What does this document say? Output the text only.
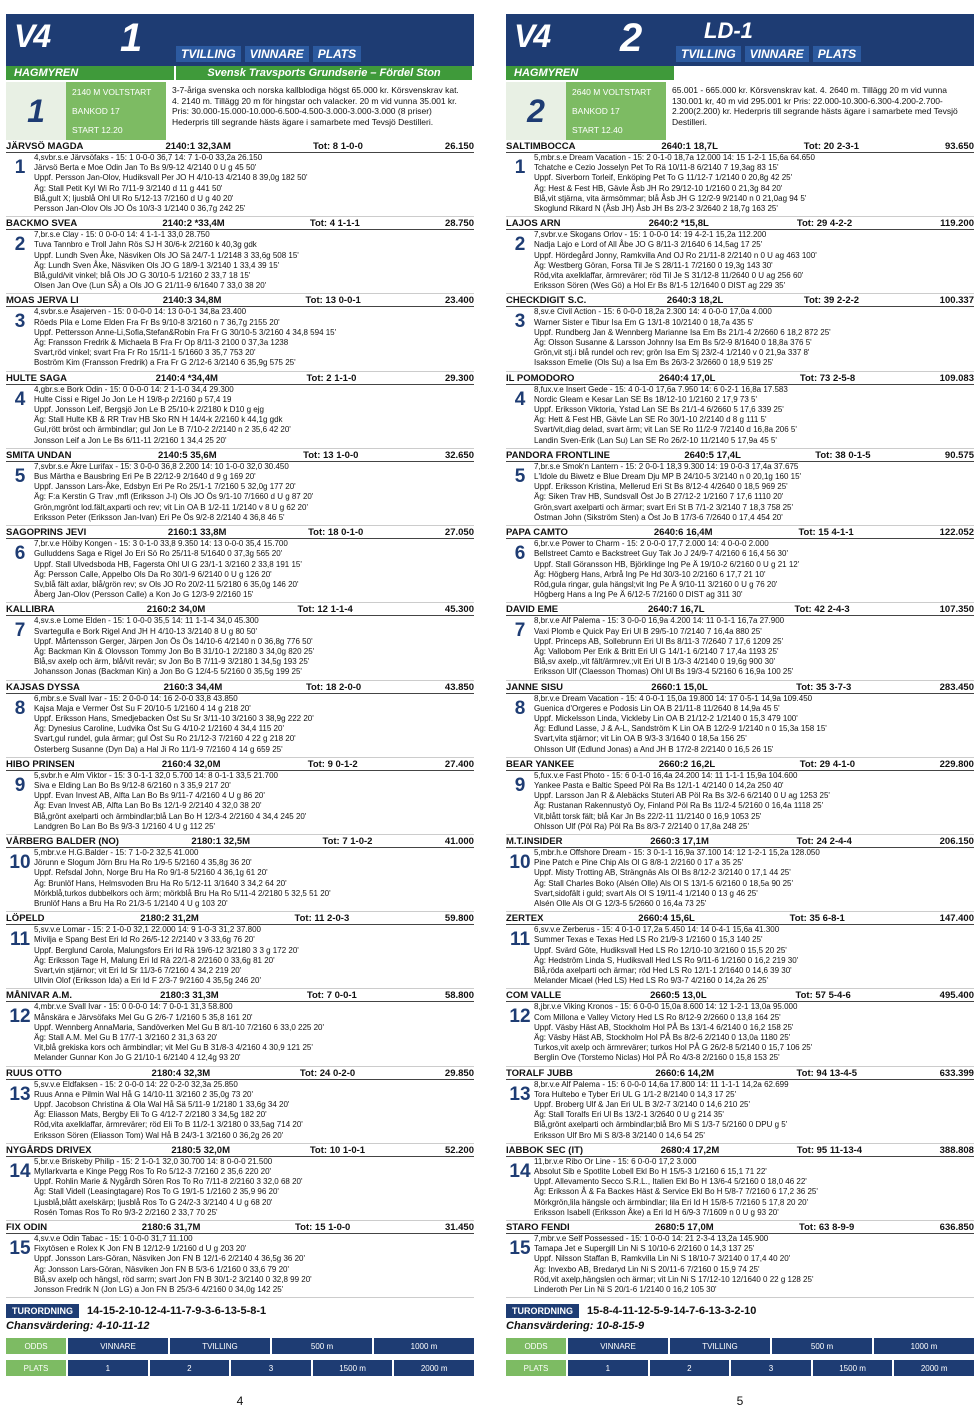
V4 1	TVILLING	VINNARE	PLATS
HAGMYREN	Svensk Travsports Grundserie – Fördel Ston
1
2140 M VOLTSTART
BANKOD 17
START 12.20
3-7-åriga svenska och norska kallblodiga högst 65.000 kr. Körsvenskrav kat. 4. 2140 m. Tillägg 20 m för hingstar och valacker. 20 m vid vunna 35.001 kr. Pris: 30.000-15.000-10.000-6.500-4.500-3.000-3.000-3.000 (8 priser) Hederpris till segrande hästs ägare i samarbete med Tevsjö Destilleri.
JÄRVSÖ MAGDA	2140:1 32,3AM	Tot: 8 1-0-0	26.150
1	4,svbr.s.e Järvsöfaks - 15: 1 0-0-0 36,7 14: 7 1-0-0 33,2a 26.150
Järvsö Berta e Moe Odin Jan To Bs 9/9-12 4/2140 0 U g 45 50'
Uppf. Persson Jan-Olov, Hudiksvall Per JO H 4/10-13 4/2140 8 39,0g 182 50'
Äg: Stall Petit Kyl Wi Ro 7/11-9 3/2140 d 11 g 441 50'
Blå,gult X; ljusblå Ohl Ul Ro 5/12-13 7/2160 d U g 40 20'
Persson Jan-Olov Ols JO Ös 10/3-3 1/2140 0 36,7g 242 25'
BACKMO SVEA	2140:2 *33,4M	Tot: 4 1-1-1	28.750
2	7,br.s.e Clay - 15: 0 0-0-0 14: 4 1-1-1 33,0 28.750
Tuva Tannbro e Troll Jahn Rös SJ H 30/6-k 2/2160 k 40,3g gdk
Uppf. Lundh Sven Åke, Näsviken Ols JO Sä 24/7-1 1/2148 3 33,6g 508 15'
Äg: Lundh Sven Åke, Näsviken Ols JO G 18/9-1 3/2140 1 33,4 39 15'
Blå,guld/vit vinkel; blå Ols JO G 30/10-5 1/2160 2 33,7 18 15'
Olsen Jan Ove (Lun SÅ) a Ols JO G 21/11-9 6/1640 7 33,0 38 20'
MOAS JERVA LI	2140:3 34,8M	Tot: 13 0-0-1	23.400
3	4,svbr.s.e Åsajerven - 15: 0 0-0-0 14: 13 0-0-1 34,8a 23.400
Röeds Pila e Lome Elden Fra Fr Bs 9/10-8 3/2160 n 7 36,7g 2155 20'
Uppf. Pettersson Anne-Li,Sofia,Stefan&Robin Fra Fr G 30/10-5 3/2160 4 34,8 594 15'
Äg: Fransson Fredrik & Michaela B Fra Fr Op 8/11-3 2100 0 37,3a 1238
Svart,röd vinkel; svart Fra Fr Ro 15/11-1 5/1660 3 35,7 753 20'
Boström Kim (Fransson Fredrik) a Fra Fr G 2/12-6 3/2140 6 35,9g 575 25'
HULTE SAGA	2140:4 *34,4M	Tot: 2 1-1-0	29.300
4	4,gbr.s.e Bork Odin - 15: 0 0-0-0 14: 2 1-1-0 34,4 29.300
Hulte Cissi e Rigel Jo Jon Le H 19/8-p 2/2160 p 57,4 19
Uppf. Jonsson Leif, Bergsjö Jon Le B 25/10-k 2/2180 k D10 g ejg
Äg: Stall Hulte KB & RR Trav HB Sko RN H 14/4-k 2/2160 k 44,1g gdk
Gul,rött bröst och ärmbindlar; gul Jon Le B 7/10-2 2/2140 n 2 35,6 42 20'
Jonsson Leif a Jon Le Bs 6/11-11 2/2160 1 34,4 25 20'
SMITA UNDAN	2140:5 35,6M	Tot: 13 1-0-0	32.650
5	7,svbr.s.e Åkre Lurifax - 15: 3 0-0-0 36,8 2.200 14: 10 1-0-0 32,0 30.450
Bus Märtha e Bausbring Eri Pe B 22/12-9 2/1640 d 9 g 169 20'
Uppf. Jansson Lars-Åke, Edsbyn Eri Pe Ro 25/1-1 7/2160 5 32,0g 177 20'
Äg: F:a Kerstin G Trav ,mfl (Eriksson J-I) Ols JO Ös 9/1-10 7/1660 d U g 87 20'
Grön,mgrönt lod.fält,axparti och rev; vit Lin OA B 1/2-11 1/2140 v 8 U g 62 20'
Eriksson Peter (Eriksson Jan-Ivan) Eri Pe Ös 9/2-8 2/2140 4 36,8 46 5'
SAGOPRINS JEVI	2160:1 33,8M	Tot: 18 0-1-0	27.050
6	7,br.v.e Höiby Kongen - 15: 3 0-1-0 33,8 9.350 14: 13 0-0-0 35,4 15.700
Gulluddens Saga e Rigel Jo Eri Sö Ro 25/11-8 5/1640 0 37,3g 565 20'
Uppf. Stall Ulvedsboda HB, Fagersta Ohl Ul G 23/1-1 3/2160 2 33,8 191 15'
Äg: Persson Calle, Appelbo Ols Da Ro 30/1-9 6/2140 0 U g 126 20'
Sv,blå fält axlar, blå/grön rev; sv Ols JO Ro 20/2-11 5/2180 6 35,0g 146 20'
Åberg Jan-Olov (Persson Calle) a Kon Jo G 12/3-9 2/2160 15'
KALLIBRA	2160:2 34,0M	Tot: 12 1-1-4	45.300
7	4,sv.s.e Lome Elden - 15: 1 0-0-0 35,5 14: 11 1-1-4 34,0 45.300
Svartegulla e Bork Rigel And JH H 4/10-13 3/2140 8 U g 80 50'
Uppf. Mårtensson Gerger, Järpen Jon Ös Ös 14/10-6 4/2140 n 0 36,8g 776 50'
Äg: Backman Kin & Olovsson Tommy Jon Bo B 31/10-1 2/2180 3 34,0g 820 25'
Blå,sv axelp och ärm, blå/vit revär; sv Jon Bo B 7/11-9 3/2180 1 34,5g 193 25'
Johansson Jonas (Backman Kin) a Jon Bo G 12/4-5 5/2160 0 35,5g 199 25'
KAJSAS DYSSA	2160:3 34,4M	Tot: 18 2-0-0	43.850
8	6,mbr.s.e Svall Ivar - 15: 2 0-0-0 14: 16 2-0-0 33,8 43.850
Kajsa Maja e Vermer Öst Su F 20/10-5 1/2160 4 14 g 218 20'
Uppf. Eriksson Hans, Smedjebacken Öst Su Sr 3/11-10 3/2160 3 38,9g 222 20'
Äg: Dynesius Caroline, Ludvika Öst Su G 4/10-2 1/2160 4 34,4 115 20'
Svart,gul rundel, gula ärmar; gul Öst Su Ro 21/12-3 7/2160 4 22 g 218 20'
Österberg Susanne (Dyn Da) a Hal Ji Ro 11/1-9 7/2160 4 14 g 659 25'
HIBO PRINSEN	2160:4 32,0M	Tot: 9 0-1-2	27.400
9	5,svbr.h e Alm Viktor - 15: 3 0-1-1 32,0 5.700 14: 8 0-1-1 33,5 21.700
Siva e Elding Lan Bo Bs 9/12-8 6/2160 n 3 35,9 217 20'
Uppf. Evan Invest AB, Alfta Lan Bo Bs 9/11-7 4/2160 4 U g 86 20'
Äg: Evan Invest AB, Alfta Lan Bo Bs 12/1-9 2/2140 4 32,0 38 20'
Blå,grönt axelparti och ärmbindlar;blå Lan Bo H 12/3-4 2/2160 4 34,4 245 20'
Landgren Bo Lan Bo Bs 9/3-3 1/2160 4 U g 112 25'
VÅRBERG BALDER (NO)	2180:1 32,5M	Tot: 7 1-0-2	41.000
10 5,mbr.v.e H.G.Balder - 15: 7 1-0-2 32,5 41.000
Jörunn e Slogum Jörn Bru Ha Ro 1/9-5 5/2160 4 35,8g 36 20'
Uppf. Refsdal John, Norge Bru Ha Ro 9/1-8 5/2160 4 36,1g 61 20'
Äg: Brunlöf Hans, Helmsvoden Bru Ha Ro 5/12-11 3/1640 3 34,2 64 20'
Mörkblå,turkos dubbelkors och ärm; mörkblå Bru Ha Ro 5/11-4 2/2180 5 32,5 51 20'
Brunlöf Hans a Bru Ha Ro 21/3-5 1/2140 4 U g 103 20'
LÖPELD	2180:2 31,2M	Tot: 11 2-0-3	59.800
11 5,sv.v.e Lomar - 15: 2 1-0-0 32,1 22.000 14: 9 1-0-3 31,2 37.800
Mivilja e Spang Best Eri Id Ro 26/5-12 2/2140 v 3 33,6g 76 20'
Uppf. Berglund Carola, Malungsfors Eri Id Rä 19/6-12 3/2180 3 3 g 172 20'
Äg: Eriksson Tage H, Malung Eri Id Rä 22/1-8 2/2160 0 33,6g 81 20'
Svart,vin stjärnor; vit Eri Id Sr 11/3-6 7/2160 4 34,2 219 20'
Ullvin Olof (Eriksson Ida) a Eri Id F 2/3-7 9/2160 4 35,5g 246 20'
MÅNIVAR A.M.	2180:3 31,3M	Tot: 7 0-0-1	58.800
12 4,mbr.v.e Svall Ivar - 15: 0 0-0-0 14: 7 0-0-1 31,3 58.800
Månskära e Järvsöfaks Mel Gu G 2/6-7 1/2160 5 35,8 161 20'
Uppf. Wennberg AnnaMaria, Sandöverken Mel Gu B 8/1-10 7/2160 6 33,0 225 20'
Äg: Stall A.M. Mel Gu B 17/7-1 3/2160 2 31,3 63 20'
Vit,blå grekiska kors och ärmbindlar; vit Mel Gu B 31/8-3 4/2160 4 30,9 121 25'
Melander Gunnar Kon Jo G 21/10-1 6/2140 4 12,4g 93 20'
RUUS OTTO	2180:4 32,3M	Tot: 24 0-2-0	29.850
13 5,sv.v.e Eldfaksen - 15: 2 0-0-0 14: 22 0-2-0 32,3a 25.850
Ruus Anna e Pilmin Wal Hå G 14/10-11 3/2160 2 35,0g 73 20'
Uppf. Jacobson Christina & Ola Wal Hå Sä 5/11-9 1/2180 1 33,6g 34 20'
Äg: Eliasson Mats, Bergby Eli To G 4/12-7 2/2180 3 34,5g 182 20'
Röd,vita axelklaffar, ärmrevärer; röd Eli To B 11/2-1 3/2180 0 33,5ag 714 20'
Eriksson Sören (Eliasson Tom) Wal Hå B 24/3-1 3/2160 0 36,2g 26 20'
NYGÅRDS DRIVEX	2180:5 32,0M	Tot: 10 1-0-1	52.200
14 5,br.v.e Briskeby Philip - 15: 2 1-0-1 32,0 30.700 14: 8 0-0-0 21.500
Myllarkvarta e Kinge Pegg Ros To Ro 5/12-3 7/2160 2 35,6 220 20'
Uppf. Rohlin Marie & Nygårdh Sören Ros To Ro 7/11-8 2/2160 3 32,0 68 20'
Äg: Stall Videll (Leasingtagare) Ros To G 19/1-5 1/2160 2 35,9 96 20'
Ljusblå,blått axelskärp; ljusblå Ros To G 24/2-3 3/2140 4 U g 68 20'
Rosén Tomas Ros To Ro 9/3-2 2/2160 2 33,7 70 25'
FIX ODIN	2180:6 31,7M	Tot: 15 1-0-0	31.450
15 4,sv.v.e Odin Tabac - 15: 1 0-0-0 31,7 11.100
Fixytösen e Rolex K Jon FN B 12/12-9 1/2160 d U g 203 20'
Uppf. Jonsson Lars-Göran, Näsviken Jon FN B 12/1-6 2/2140 4 36,5g 36 20'
Äg: Jonsson Lars-Göran, Näsviken Jon FN B 5/3-6 1/2160 0 33,6 79 20'
Blå,sv axelp och hängsl, röd sarrn; svart Jon FN B 30/1-2 3/2140 0 32,8 99 20'
Jonsson Fredrik N (Jon LG) a Jon FN B 25/3-6 4/2160 0 34,0g 142 25'
TURORDNING	14-15-2-10-12-4-11-7-9-3-6-13-5-8-1
Chansvärdering: 4-10-11-12
ODDS	VINNARE	TVILLING	500 m	1000 m
PLATS	1	2	3	1500 m	2000 m
4
V4 2	LD-1
TVILLING	VINNARE	PLATS
HAGMYREN
2
2640 M VOLTSTART
BANKOD 17
START 12.40
65.001 - 665.000 kr. Körsvenskrav kat. 4. 2640 m. Tillägg 20 m vid vunna 130.001 kr, 40 m vid 295.001 kr Pris: 22.000-10.300-6.300-4.200-2.700-2.200(2.200) kr. Hederpris till segrande hästs ägare i samarbete med Tevsjö Destilleri.
SALTIMBOCCA	2640:1 18,7L	Tot: 20 2-3-1	93.650
1	5,mbr.s.e Dream Vacation - 15: 2 0-1-0 18,7a 12.000 14: 15 1-2-1 15,6a 64.650
Tchatche e Cezio Josselyn Pet To Rä 10/11-8 6/2140 7 19,3ag 83 15'
Uppf. Siverborn Torleif, Enköping Pet To G 11/12-7 1/2140 0 20,8g 42 25'
Äg: Hest & Fest HB, Gävle Åsb JH Ro 29/12-10 1/2160 0 21,3g 84 20'
Blå,vit stjärna, vita ärmsömmar; blå Åsb JH G 12/2-9 9/2140 n 0 21,0ag 94 5'
Skoglund Rikard N (Åsb JH) Åsb JH Bs 2/3-2 3/2640 2 18,7g 163 25'
LAJOS ARN	2640:2 *15,8L	Tot: 29 4-2-2	119.200
2	7,svbr.v.e Skogans Orlov - 15: 1 0-0-0 14: 19 4-2-1 15,2a 112.200
Nadja Lajo e Lord of All Åbe JO G 8/11-3 2/1640 6 14,5ag 17 25'
Uppf. Hördegård Jonny, Ramkvilla And OJ Ro 21/11-8 2/2140 n 0 U ag 463 100'
Äg: Westberg Göran, Forsa Til Je S 28/11-1 7/2160 0 19,3g 143 30'
Röd,vita axelklaffar, ärmrevärer; röd Til Je S 31/12-8 11/2640 0 U ag 256 60'
Eriksson Sören (Wes Gö) a Hol Er Bs 8/1-5 12/1640 0 DIST ag 229 35'
CHECKDIGIT S.C.	2640:3 18,2L	Tot: 39 2-2-2	100.337
3	8,sv.e Civil Action - 15: 6 0-0-0 18,2a 2.300 14: 4 0-0-0 17,0a 4.000
Warner Sister e Tibur Isa Em G 13/1-8 10/2140 0 18,7a 435 5'
Uppf. Rundberg Jan & Wennberg Marianne Isa Em Bs 21/1-4 2/2660 6 18,2 872 25'
Äg: Olsson Susanne & Larsson Johnny Isa Em Bs 5/2-9 8/1640 0 18,8a 376 5'
Grön,vit stj.i blå rundel och rev; grön Isa Em Sj 23/2-4 1/2140 v 0 21,9a 337 8'
Isaksson Emelie (Ols Su) a Isa Em Bs 26/3-2 3/2660 0 18,9 519 25'
IL POMODORO	2640:4 17,0L	Tot: 73 2-5-8	109.083
4	8,fux.v.e Insert Gede - 15: 4 0-1-0 17,6a 7.950 14: 6 0-2-1 16,8a 17.583
Nordic Gleam e Kesar Lan SE Bs 18/12-10 1/2160 2 17,9 73 5'
Uppf. Eriksson Viktoria, Ystad Lan SE Bs 21/1-4 6/2660 5 17,6 339 25'
Äg: Hett & Fest HB, Gävle Lan SE Ro 30/1-10 2/2140 d 8 g 111 5'
Svart/vit,diag delad, svart ärm; vit Lan SE Ro 11/2-9 7/2140 d 16,8a 206 5'
Landin Sven-Erik (Lan Su) Lan SE Ro 26/2-10 11/2140 5 17,9a 45 5'
PANDORA FRONTLINE	2640:5 17,4L	Tot: 38 0-1-5	90.575
5	7,br.s.e Smok'n Lantern - 15: 2 0-0-1 18,3 9.300 14: 19 0-0-3 17,4a 37.675
L'Idole du Biwetz e Blue Dream Dju MP B 24/10-5 3/2140 n 0 20,1g 160 15'
Uppf. Eriksson Kristina, Mellerud Eri St Bs 8/12-4 4/2640 0 18,5 969 25'
Äg: Siken Trav HB, Sundsvall Öst Jo B 27/12-2 1/2160 7 17,6 1110 20'
Grön,svart axelparti och ärmar; svart Eri St B 7/1-2 3/2140 7 18,3 758 25'
Östman John (Sikström Sten) a Öst Jo B 17/3-6 7/2640 0 17,4 454 20'
PAPA CAMTO	2640:6 16,4M	Tot: 15 4-1-1	122.052
6	6,br.v.e Power to Charm - 15: 2 0-0-0 17,7 2.000 14: 4 0-0-0 2.000
Bellstreet Camto e Backstreet Guy Tak Jo J 24/9-7 4/2160 6 16,4 56 30'
Uppf. Stall Göransson HB, Björklinge Ing Pe Ä 19/10-2 6/2160 0 U g 21 12'
Äg: Högberg Hans, Arbrå Ing Pe Hd 30/3-10 2/2160 6 17,7 21 10'
Röd,gula ringar, gula hängsl;vit Ing Pe Ä 9/10-11 3/2160 0 U g 76 20'
Högberg Hans a Ing Pe Ä 6/12-5 7/2160 0 DIST ag 311 30'
DAVID EME	2640:7 16,7L	Tot: 42 2-4-3	107.350
7	8,br.v.e Alf Palema - 15: 3 0-0-0 16,9a 4.200 14: 11 0-1-1 16,7a 27.900
Vaxi Plomb e Quick Pay Eri Ul B 29/5-10 7/2140 7 16,4a 880 25'
Uppf. Princeps AB, Sollebrunn Eri Ul Bs 8/11-3 7/2640 7 17,6 1209 25'
Äg: Vallobom Per Erik & Britt Eri Ul G 14/1-1 6/2140 7 17,4a 1193 25'
Blå,sv axelp.,vit fält/ärmrev.;vit Eri Ul B 1/3-3 4/2140 0 19,6g 900 30'
Eriksson Ulf (Claesson Thomas) Ohl Ul Bs 19/3-4 5/2160 6 16,9a 100 25'
JANNE SISU	2660:1 15,0L	Tot: 35 3-7-3	283.450
8	8,br.v.e Dream Vacation - 15: 4 0-0-1 15,0a 19.800 14: 17 0-5-1 14,9a 109.450
Guenica d'Orgeres e Podosis Lin OA B 21/11-8 11/2640 8 14,9a 45 5'
Uppf. Mickelsson Linda, Vickleby Lin OA B 21/12-2 1/2140 0 15,3 479 100'
Äg: Edlund Lasse, J & A-L, Sandström K Lin OA B 12/2-9 1/2140 n 0 15,3a 158 15'
Svart,vita stjärnor; vit Lin OA B 9/3-3 3/1640 0 18,5a 156 25'
Ohlsson Ulf (Edlund Jonas) a And JH B 17/2-8 2/2140 0 16,5 26 15'
BEAR YANKEE	2660:2 16,2L	Tot: 29 4-1-0	229.800
9	5,fux.v.e Fast Photo - 15: 6 0-1-0 16,4a 24.200 14: 11 1-1-1 15,9a 104.600
Yankee Pasta e Baltic Speed Pöl Ra Bs 12/1-1 4/2140 0 14,2a 250 40'
Uppf. Larsson Jan R & Alebäcks Stuteri AB Pöl Ra Bs 3/2-6 6/2140 0 U ag 1253 25'
Äg: Rustanan Rakennustyö Oy, Finland Pöl Ra Bs 11/2-4 5/2160 0 16,4a 1118 25'
Vit,blått torsk fält; blå Kar Jn Bs 22/2-11 11/2140 0 16,9 1053 25'
Ohlsson Ulf (Pöl Ra) Pöl Ra Bs 8/3-7 2/2140 0 17,8a 248 25'
M.T.INSIDER	2660:3 17,1M	Tot: 24 2-4-4	206.150
10 5,mbr.h.e Offshore Dream - 15: 3 0-1-1 16,9a 37.100 14: 12 1-2-1 15,2a 128.050
Pine Patch e Pine Chip Als Ol G 8/8-1 2/2160 0 17 a 35 25'
Uppf. Misty Trotting AB, Strängnäs Als Ol Bs 8/12-2 3/2140 0 17,1 44 25'
Äg: Stall Charles Boko (Alsén Olle) Als Ol S 13/1-5 6/2160 0 18,5a 90 25'
Svart,sidofält i guld; svart Als Ol S 19/11-4 1/2140 0 13 g 46 25'
Alsén Olle Als Ol G 12/3-5 5/2660 0 16,4a 73 25'
ZERTEX	2660:4 15,6L	Tot: 35 6-8-1	147.400
11 6,sv.v.e Zerberus - 15: 4 0-1-0 17,2a 5.450 14: 14 0-4-1 15,6a 41.300
Summer Texas e Texas Hed LS Ro 21/9-3 1/2160 0 15,3 140 25'
Uppf. Svärd Göte, Hudiksvall Hed LS Ro 12/10-10 3/2160 0 15,5 20 25'
Äg: Hedström Linda S, Hudiksvall Hed LS Ro 9/11-6 1/2160 0 16,2 219 30'
Blå,röda axelparti och ärmar; röd Hed LS Ro 12/1-1 2/1640 0 14,6 39 30'
Melander Micael (Hed LS) Hed LS Ro 9/3-7 4/2160 0 14,2a 26 25'
COM VALLE	2660:5 13,0L	Tot: 57 5-4-6	495.400
12 8,jbr.v.e Viking Kronos - 15: 6 0-0-0 15,0a 8.600 14: 12 1-2-1 13,0a 95.000
Com Millona e Valley Victory Hed LS Ro 8/12-9 2/2660 0 13,8 164 25'
Uppf. Väsby Häst AB, Stockholm Hol PÅ Bs 13/1-4 6/2140 0 16,2 158 25'
Äg: Väsby Häst AB, Stockholm Hol PÅ Bs 8/2-6 2/2140 0 13,0a 1180 25'
Turkos,vit axelp och ärmrevärer; turkos Hol PÅ G 26/2-8 5/2140 0 15,7 106 25'
Berglin Ove (Torstemo Niclas) Hol PÅ Ro 4/3-8 2/2160 0 15,8 153 25'
TORALF JUBB	2660:6 14,2M	Tot: 94 13-4-5	633.399
13 8,br.v.e Alf Palema - 15: 6 0-0-0 14,6a 17.800 14: 11 1-1-1 14,2a 62.699
Tora Hultebo e Tyber Eri UL G 1/1-2 8/2140 0 14,3 17 25'
Uppf. Broberg Ulf & Jan Eri UL B 3/2-7 3/2140 0 14,6 210 25'
Äg: Stall Toralfs Eri Ul Bs 13/2-1 3/2640 0 U g 214 35'
Blå,grönt axelparti och ärmbindlar;blå Bro Mi S 1/3-7 5/2160 0 DPU g 5'
Eriksson Ulf Bro Mi S 8/3-8 3/2140 0 14,6 54 25'
IABBOK SEC (IT)	2680:4 17,2M	Tot: 95 11-13-4	388.808
14 11,br.v.e Ribo Or Line - 15: 6 0-0-0 17,2 3.000
Absolut Sib e Spotlite Lobell Ekl Bo H 15/5-3 1/2160 6 15,1 71 22'
Uppf. Allevamento Secco S.R.L., Italien Ekl Bo H 13/6-4 5/2160 0 18,0 46 22'
Äg: Eriksson Å & Fa Backes Häst & Service Ekl Bo H 5/8-7 7/2160 6 17,2 36 25'
Mörkgrön,lila hängsle och ärmbindlar; lila Eri Id H 15/8-5 7/2160 5 17,8 20 20'
Eriksson Isabell (Eriksson Åke) a Eri Id H 6/9-3 7/1609 n 0 U g 93 20'
STARO FENDI	2680:5 17,0M	Tot: 63 8-9-9	636.850
15 7,mbr.v.e Self Possessed - 15: 1 0-0-0 14: 21 2-3-4 13,2a 145.900
Tamapa Jet e Supergill Lin Ni S 10/10-6 2/2160 0 14,3 137 25'
Uppf. Nilsson Staffan B, Ramkvilla Lin Ni S 18/10-7 3/2140 0 17,4 40 20'
Äg: Invexbo AB, Bredaryd Lin Ni S 20/11-6 7/2160 0 15,9 74 25'
Röd,vit axelp,hängslen och ärmar; vit Lin Ni S 17/12-10 12/1640 0 22 g 128 25'
Linderoth Per Lin Ni S 20/1-6 1/2140 0 16,2 105 30'
TURORDNING	15-8-4-11-12-5-9-14-7-6-13-3-2-10
Chansvärdering: 10-8-15-9
ODDS	VINNARE	TVILLING	500 m	1000 m
PLATS	1	2	3	1500 m	2000 m
5
